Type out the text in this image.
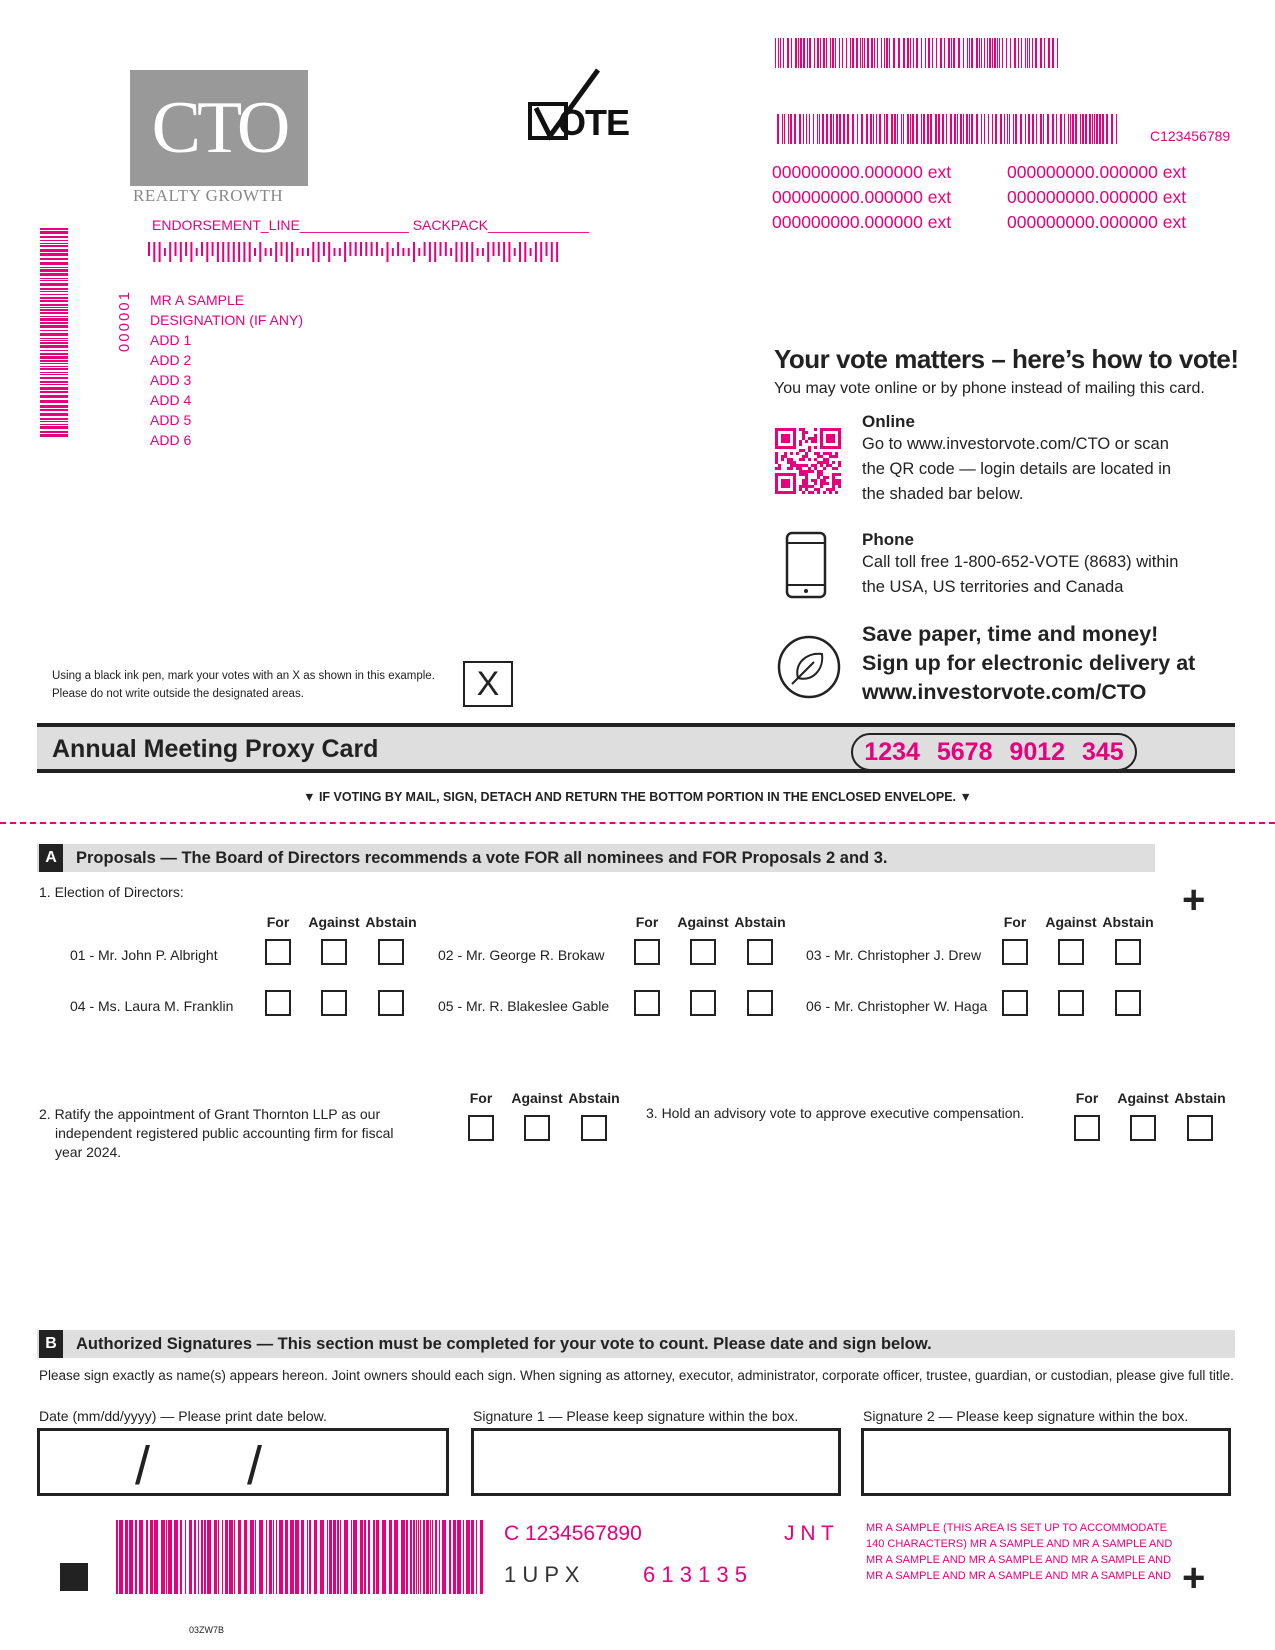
CTO
REALTY GROWTH
OTE	C123456789
000000000.000000 ext
000000000.000000 ext
000000000.000000 ext
000000000.000000 ext
000000000.000000 ext
000000000.000000 ext
ENDORSEMENT_LINE______________ SACKPACK_____________
000001 MR A SAMPLE
DESIGNATION (IF ANY)
ADD 1
ADD 2
ADD 3
ADD 4
ADD 5
ADD 6
Your vote matters – here’s how to vote!
You may vote online or by phone instead of mailing this card.
Online
Go to www.investorvote.com/CTO or scan
the QR code — login details are located in
the shaded bar below.
Phone
Call toll free 1-800-652-VOTE (8683) within
the USA, US territories and Canada
Save paper, time and money!
Sign up for electronic delivery at
www.investorvote.com/CTO
Using a black ink pen, mark your votes with an X as shown in this example.
Please do not write outside the designated areas.	X
Annual Meeting Proxy Card	1234 5678 9012 345
▼ IF VOTING BY MAIL, SIGN, DETACH AND RETURN THE BOTTOM PORTION IN THE ENCLOSED ENVELOPE. ▼
A	Proposals — The Board of Directors recommends a vote FOR all nominees and FOR Proposals 2 and 3.
+
1. Election of Directors:
For	Against Abstain	For	Against Abstain	For	Against Abstain
01 - Mr. John P. Albright	02 - Mr. George R. Brokaw	03 - Mr. Christopher J. Drew
04 - Ms. Laura M. Franklin	05 - Mr. R. Blakeslee Gable	06 - Mr. Christopher W. Haga
2. Ratify the appointment of Grant Thornton LLP as our
independent registered public accounting firm for fiscal
year 2024.
For	Against Abstain
3. Hold an advisory vote to approve executive compensation.
For	Against Abstain
B	Authorized Signatures — This section must be completed for your vote to count. Please date and sign below.
Please sign exactly as name(s) appears hereon. Joint owners should each sign. When signing as attorney, executor, administrator, corporate officer, trustee, guardian, or custodian, please give full title.
Date (mm/dd/yyyy) — Please print date below.	Signature 1 — Please keep signature within the box.	Signature 2 — Please keep signature within the box.
/ /
C 1234567890	J N T
1 U P X	6 1 3 1 3 5
MR A SAMPLE (THIS AREA IS SET UP TO ACCOMMODATE
140 CHARACTERS) MR A SAMPLE AND MR A SAMPLE AND
MR A SAMPLE AND MR A SAMPLE AND MR A SAMPLE AND
MR A SAMPLE AND MR A SAMPLE AND MR A SAMPLE AND +
03ZW7B
